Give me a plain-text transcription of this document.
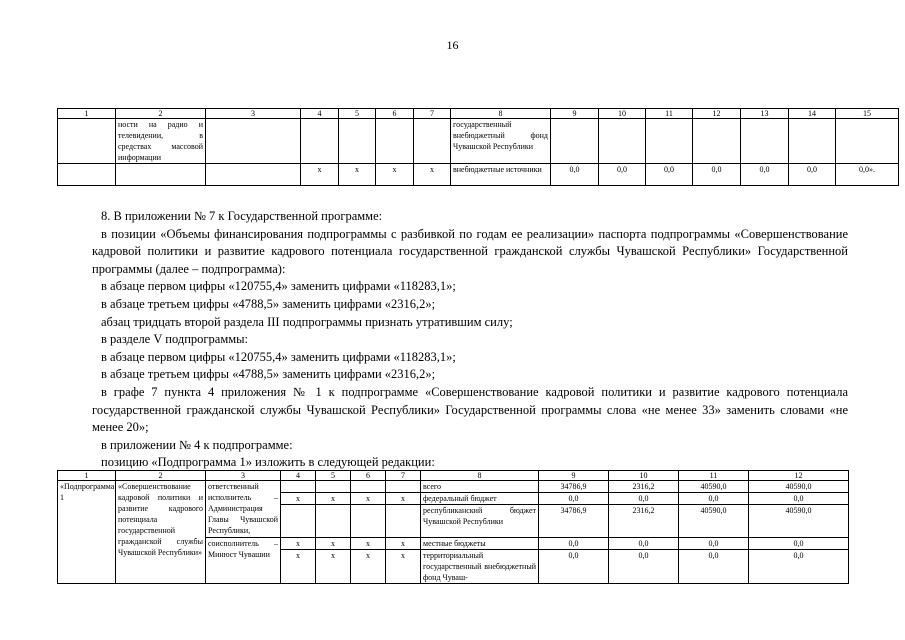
16
1	2	3	4	5	6	7	8	9	10	11	12	13	14	15
	ности на радио и телевидении, в средствах массовой информации						государственный внебюджетный фонд Чувашской Республики							
			x	x	x	x	внебюджетные источники	0,0	0,0	0,0	0,0	0,0	0,0	0,0».

8. В приложении № 7 к Государственной программе:

в позиции «Объемы финансирования подпрограммы с разбивкой по годам ее реализации» паспорта подпрограммы «Совершенствование кадровой политики и развитие кадрового потенциала государственной гражданской службы Чувашской Республики» Государственной программы (далее – подпрограмма):

в абзаце первом цифры «120755,4» заменить цифрами «118283,1»;

в абзаце третьем цифры «4788,5» заменить цифрами «2316,2»;

абзац тридцать второй раздела III подпрограммы признать утратившим силу;

в разделе V подпрограммы:

в абзаце первом цифры «120755,4» заменить цифрами «118283,1»;

в абзаце третьем цифры «4788,5» заменить цифрами «2316,2»;

в графе 7 пункта 4 приложения № 1 к подпрограмме «Совершенствование кадровой политики и развитие кадрового потенциала государственной гражданской службы Чувашской Республики» Государственной программы слова «не менее 33» заменить словами «не менее 20»;

в приложении № 4 к подпрограмме:

позицию «Подпрограмма 1» изложить в следующей редакции:

1	2	3	4	5	6	7	8	9	10	11	12
«Подпрограмма 1	«Совершенствование кадровой политики и развитие кадрового потенциала государственной гражданской службы Чувашской Республики»	ответственный исполнитель – Администрация Главы Чувашской Республики,					всего	34786,9	2316,2	40590,0	40590,0
			x	x	x	x	федеральный бюджет	0,0	0,0	0,0	0,0
							республиканский бюджет Чувашской Республики	34786,9	2316,2	40590,0	40590,0
		соисполнитель – Минюст Чувашии	x	x	x	x	местные бюджеты	0,0	0,0	0,0	0,0
			x	x	x	x	территориальный государственный внебюджетный фонд Чуваш-	0,0	0,0	0,0	0,0
